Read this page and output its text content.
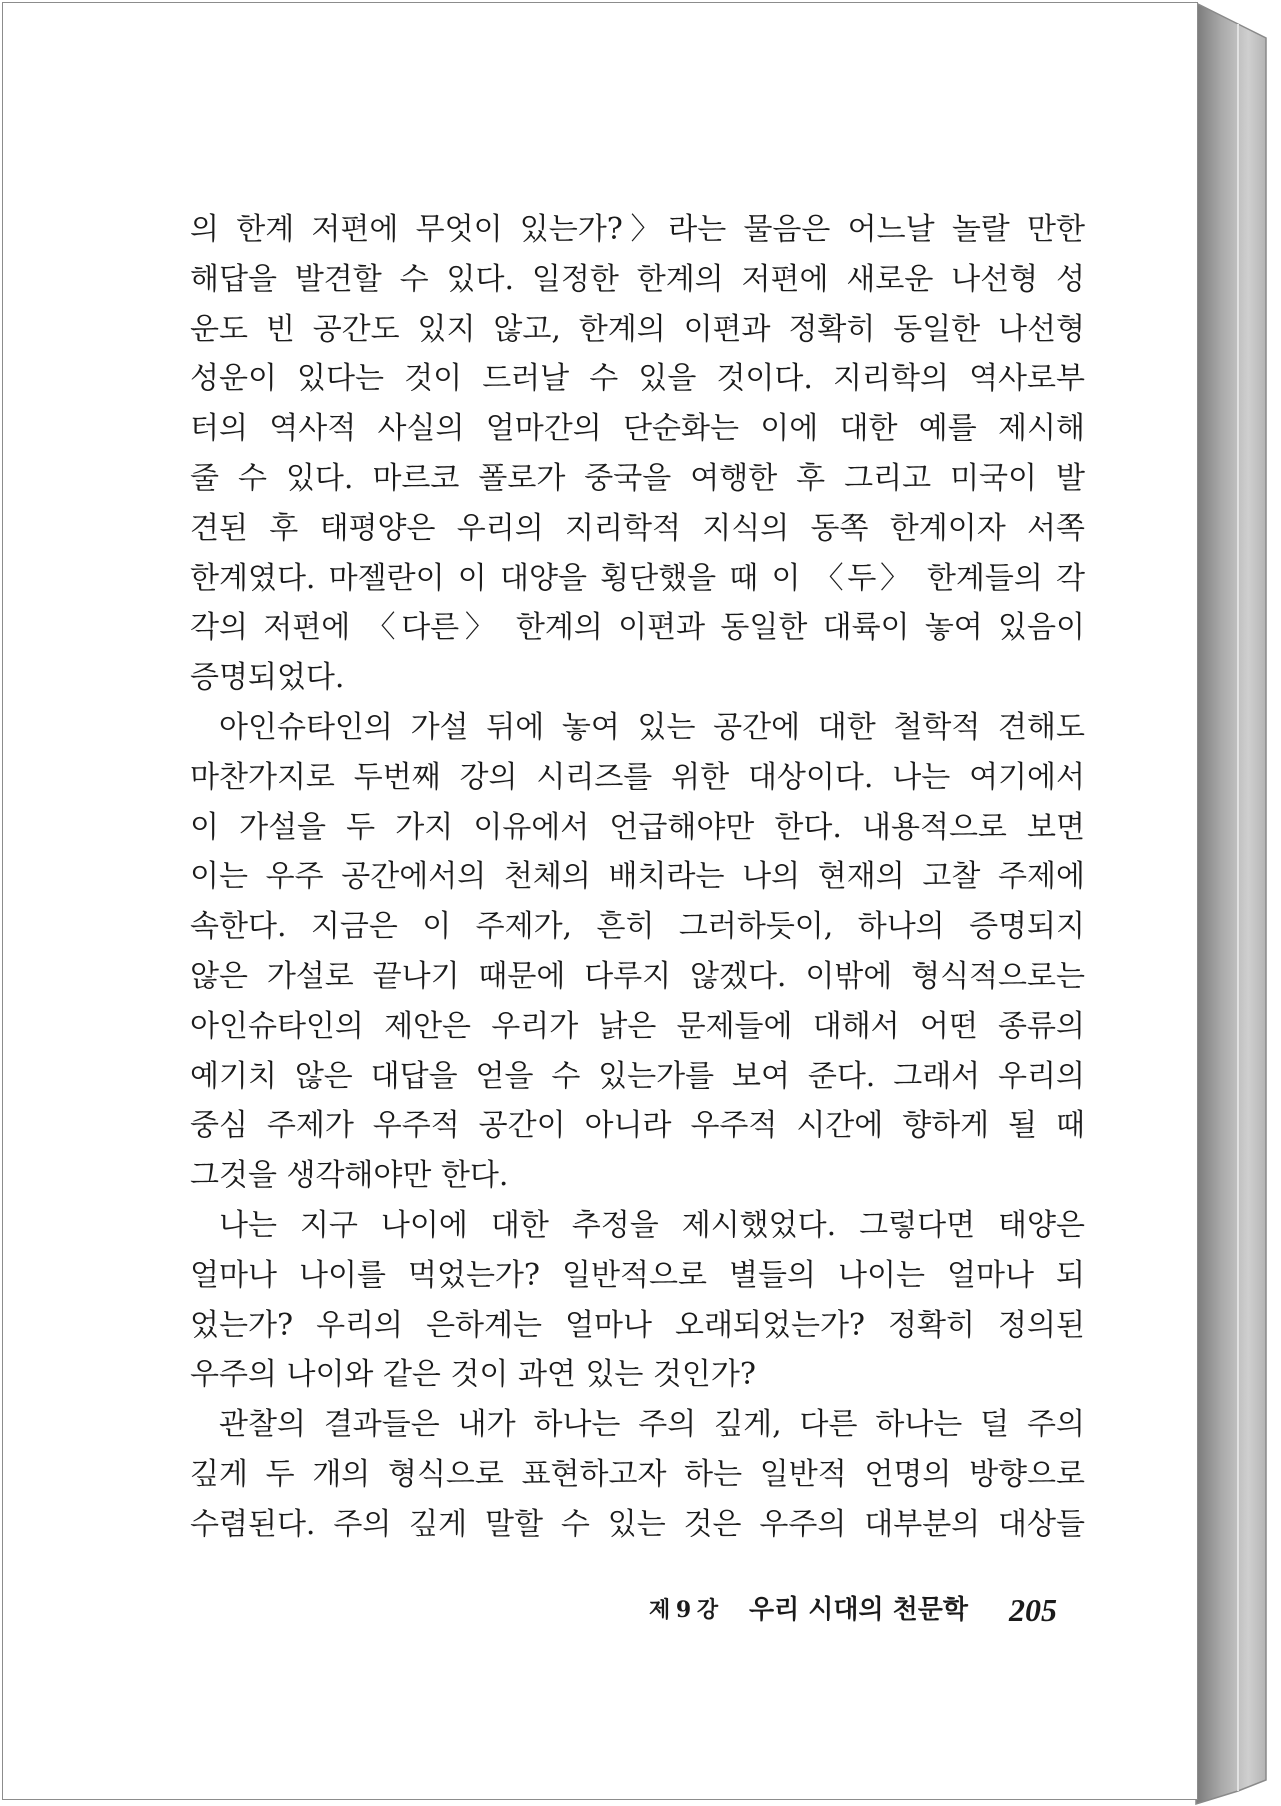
의 한계 저편에 무엇이 있는가?〉라는 물음은 어느날 놀랄 만한
해답을 발견할 수 있다. 일정한 한계의 저편에 새로운 나선형 성
운도 빈 공간도 있지 않고, 한계의 이편과 정확히 동일한 나선형
성운이 있다는 것이 드러날 수 있을 것이다. 지리학의 역사로부
터의 역사적 사실의 얼마간의 단순화는 이에 대한 예를 제시해
줄 수 있다. 마르코 폴로가 중국을 여행한 후 그리고 미국이 발
견된 후 태평양은 우리의 지리학적 지식의 동쪽 한계이자 서쪽
한계였다. 마젤란이 이 대양을 횡단했을 때 이 〈두〉 한계들의 각
각의 저편에 〈다른〉 한계의 이편과 동일한 대륙이 놓여 있음이
증명되었다.
아인슈타인의 가설 뒤에 놓여 있는 공간에 대한 철학적 견해도
마찬가지로 두번째 강의 시리즈를 위한 대상이다. 나는 여기에서
이 가설을 두 가지 이유에서 언급해야만 한다. 내용적으로 보면
이는 우주 공간에서의 천체의 배치라는 나의 현재의 고찰 주제에
속한다. 지금은 이 주제가, 흔히 그러하듯이, 하나의 증명되지
않은 가설로 끝나기 때문에 다루지 않겠다. 이밖에 형식적으로는
아인슈타인의 제안은 우리가 낡은 문제들에 대해서 어떤 종류의
예기치 않은 대답을 얻을 수 있는가를 보여 준다. 그래서 우리의
중심 주제가 우주적 공간이 아니라 우주적 시간에 향하게 될 때
그것을 생각해야만 한다.
나는 지구 나이에 대한 추정을 제시했었다. 그렇다면 태양은
얼마나 나이를 먹었는가? 일반적으로 별들의 나이는 얼마나 되
었는가? 우리의 은하계는 얼마나 오래되었는가? 정확히 정의된
우주의 나이와 같은 것이 과연 있는 것인가?
관찰의 결과들은 내가 하나는 주의 깊게, 다른 하나는 덜 주의
깊게 두 개의 형식으로 표현하고자 하는 일반적 언명의 방향으로
수렴된다. 주의 깊게 말할 수 있는 것은 우주의 대부분의 대상들
제 9 강 우리 시대의 천문학 205
